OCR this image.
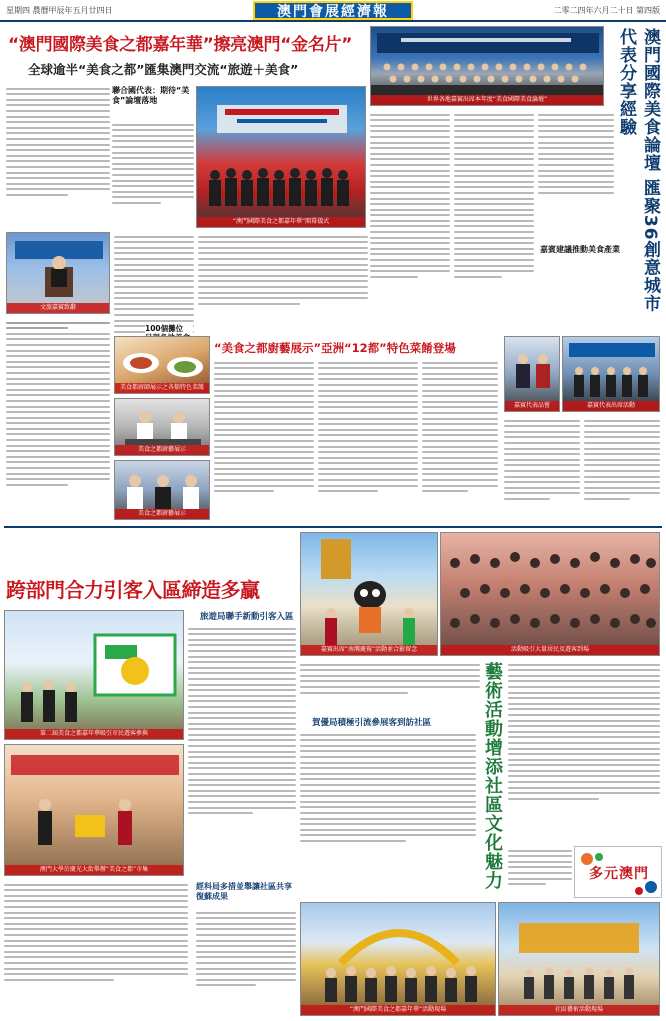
星期四 農曆甲辰年五月廿四日	澳門會展經濟報	二零二四年六月二十日 第四版
“澳門國際美食之都嘉年華”擦亮澳門“金名片”
全球逾半“美食之都”匯集澳門交流“旅遊＋美食”
聯合國代表：期待“美食”論壇落地
“澳門國際美食之都嘉年華”開幕儀式
世界各地嘉賓出席本年度“美食國際美食論壇”	澳門國際美食論壇 匯聚36創意城市代表分享經驗
嘉賓建議推動美食產業
文旅嘉賓致辭
100個攤位
“美食之都廚藝展示”亞洲“12都”特色菜餚登場
美食都廚師展示之各類特色菜餚
美食之都廚藝展示
美食之都廚藝展示
嘉賓代表品嘗	嘉賓代表出席活動
跨部門合力引客入區締造多贏
嘉賓出席“南灣慶視”活動並合影留念	活動吸引大量居民及遊客到場
第二屆美食之都嘉年華吸引市民遊客參與
澳門大學於慶光大街舉辦“美食之都”市集
旅遊局聯手新動引客入區
賀優局積極引流參展客到訪社區
經科局多措並舉讓社區共享復蘇成果
“澳門國際美食之都嘉年華”活動現場
藝術活動增添社區文化魅力	多元澳門
社區藝術活動現場
